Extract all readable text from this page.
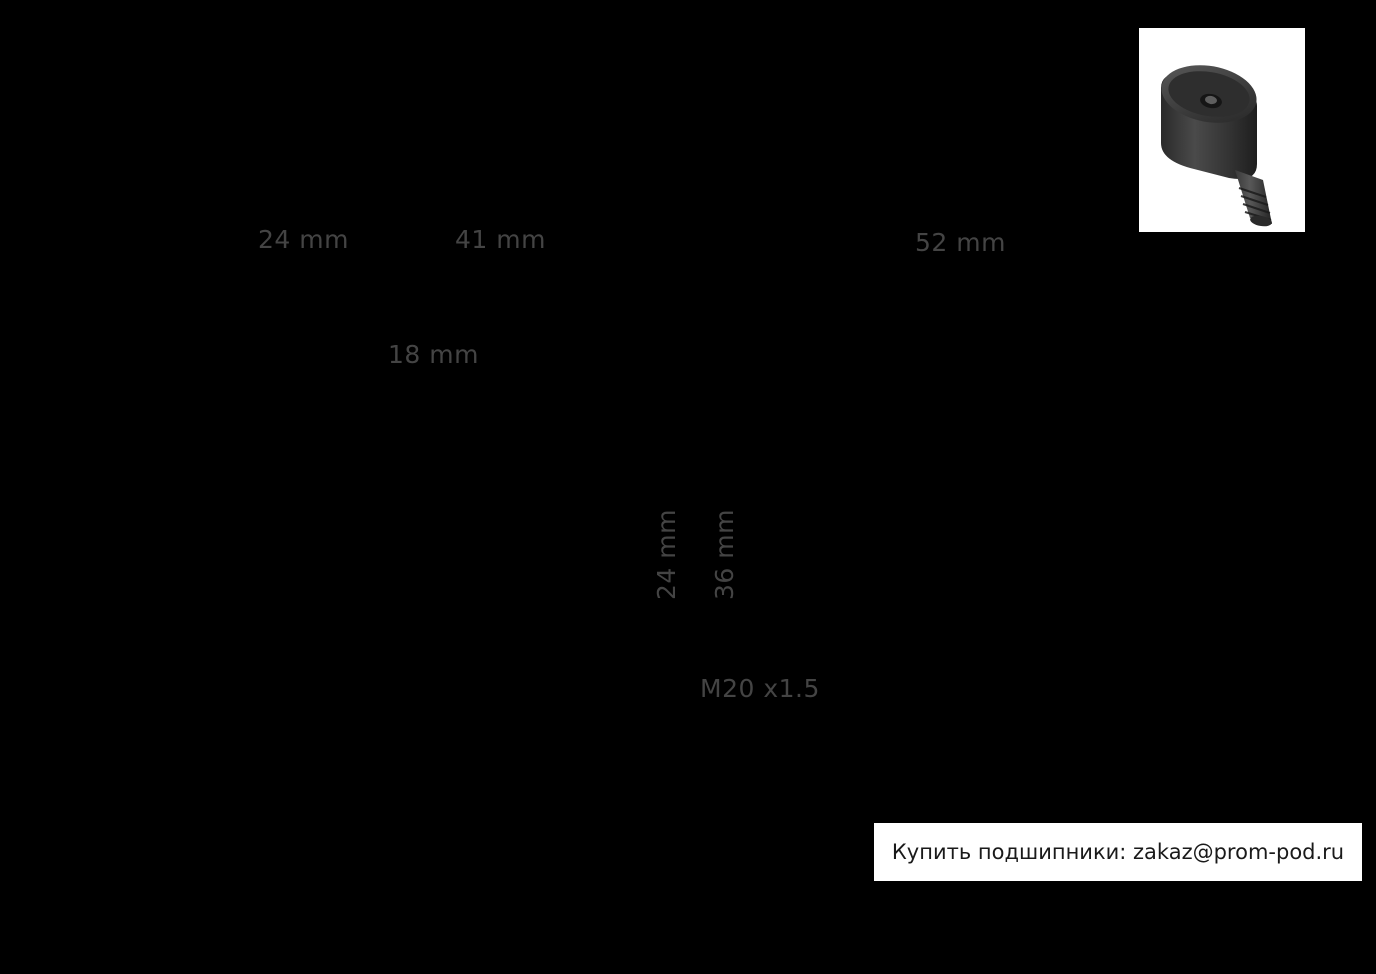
24 mm	41 mm	52 mm
18 mm
24 mm 36 mm
M20 x1.5
Купить подшипники: zakaz@prom-pod.ru
